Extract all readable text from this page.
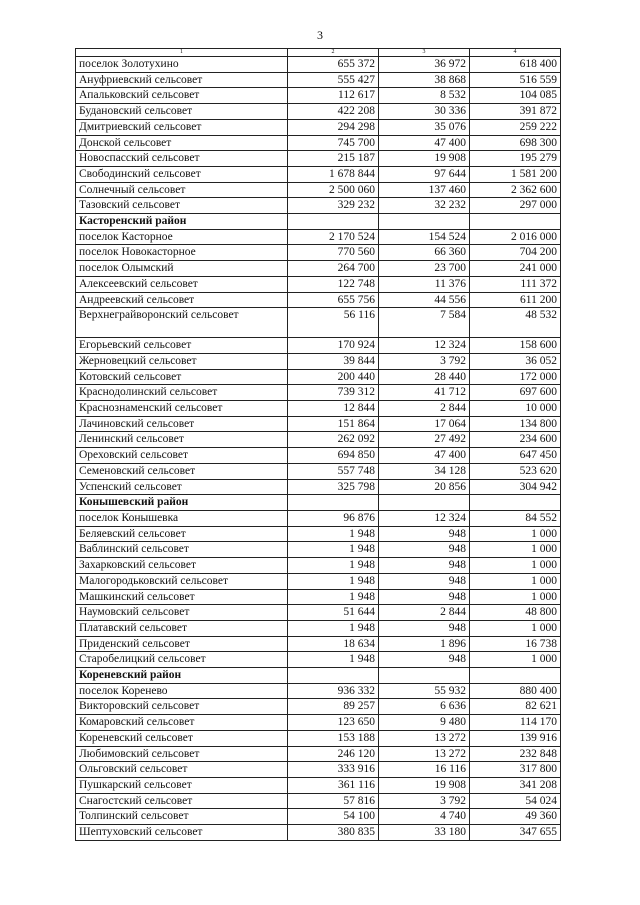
3
1	2	3	4
поселок Золотухино	655 372	36 972	618 400
Ануфриевский сельсовет	555 427	38 868	516 559
Апальковский сельсовет	112 617	8 532	104 085
Будановский сельсовет	422 208	30 336	391 872
Дмитриевский сельсовет	294 298	35 076	259 222
Донской сельсовет	745 700	47 400	698 300
Новоспасский сельсовет	215 187	19 908	195 279
Свободинский сельсовет	1 678 844	97 644	1 581 200
Солнечный сельсовет	2 500 060	137 460	2 362 600
Тазовский сельсовет	329 232	32 232	297 000
Касторенский район			
поселок Касторное	2 170 524	154 524	2 016 000
поселок Новокасторное	770 560	66 360	704 200
поселок Олымский	264 700	23 700	241 000
Алексеевский сельсовет	122 748	11 376	111 372
Андреевский сельсовет	655 756	44 556	611 200
Верхнеграйворонский сельсовет	56 116	7 584	48 532
Егорьевский сельсовет	170 924	12 324	158 600
Жерновецкий сельсовет	39 844	3 792	36 052
Котовский сельсовет	200 440	28 440	172 000
Краснодолинский сельсовет	739 312	41 712	697 600
Краснознаменский сельсовет	12 844	2 844	10 000
Лачиновский сельсовет	151 864	17 064	134 800
Ленинский сельсовет	262 092	27 492	234 600
Ореховский сельсовет	694 850	47 400	647 450
Семеновский сельсовет	557 748	34 128	523 620
Успенский сельсовет	325 798	20 856	304 942
Конышевский район			
поселок Конышевка	96 876	12 324	84 552
Беляевский сельсовет	1 948	948	1 000
Ваблинский сельсовет	1 948	948	1 000
Захарковский сельсовет	1 948	948	1 000
Малогородьковский сельсовет	1 948	948	1 000
Машкинский сельсовет	1 948	948	1 000
Наумовский сельсовет	51 644	2 844	48 800
Платавский сельсовет	1 948	948	1 000
Приденский сельсовет	18 634	1 896	16 738
Старобелицкий сельсовет	1 948	948	1 000
Кореневский район			
поселок Коренево	936 332	55 932	880 400
Викторовский сельсовет	89 257	6 636	82 621
Комаровский сельсовет	123 650	9 480	114 170
Кореневский сельсовет	153 188	13 272	139 916
Любимовский сельсовет	246 120	13 272	232 848
Ольговский сельсовет	333 916	16 116	317 800
Пушкарский сельсовет	361 116	19 908	341 208
Снагостский сельсовет	57 816	3 792	54 024
Толпинский сельсовет	54 100	4 740	49 360
Шептуховский сельсовет	380 835	33 180	347 655
